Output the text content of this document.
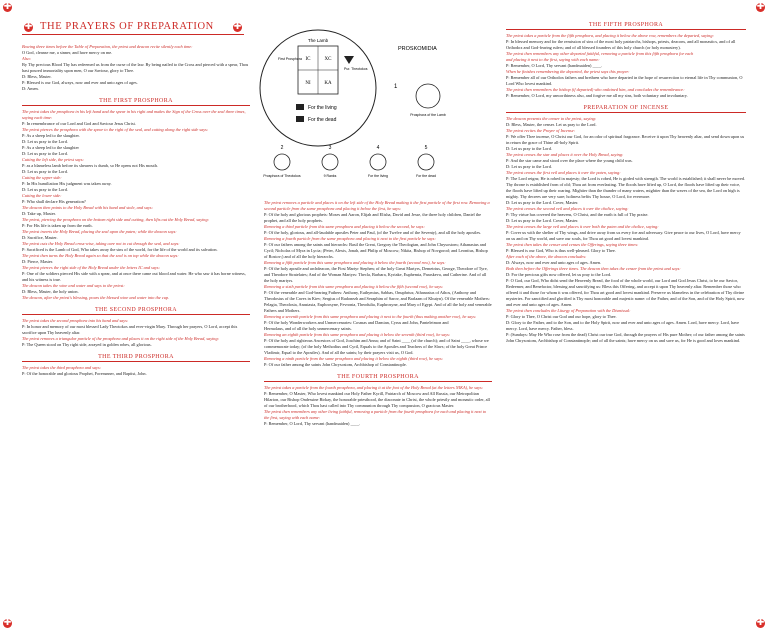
✚	✚
✚	✚
✚ THE PRAYERS OF PREPARATION ✚

Bowing three times before the Table of Preparation, the priest and deacon recite silently each time:

O God, cleanse me, a sinner, and have mercy on me.

Also:

By Thy precious Blood Thy has redeemed us from the curse of the law. By being nailed to the Cross and pierced with a spear, Thou hast poured immortality upon men, O our Saviour, glory to Thee.

D: Bless, Master.

P: Blessed is our God, always, now and ever and unto ages of ages.

D: Amen.

THE FIRST PROSPHORA

The priest takes the prosphora in his left hand and the spear in his right and makes the Sign of the Cross over the seal three times, saying each time:

P: In remembrance of our Lord and God and Saviour Jesus Christ.

The priest pierces the prosphora with the spear to the right of the seal, and cutting along the right side says:

P: As a sheep led to the slaughter.

D: Let us pray to the Lord.

P: As a sheep led to the slaughter

D: Let us pray to the Lord.

Cutting the left side, the priest says:

P: as a blameless lamb before its shearers is dumb, so He opens not His mouth.

D: Let us pray to the Lord.

Cutting the upper side:

P: In His humiliation His judgment was taken away.

D: Let us pray to the Lord.

Cutting the lower side:

P: Who shall declare His generation?

The deacon then points to the Holy Bread with his hand and stole, and says:

D: Take up, Master.

The priest, piercing the prosphora on the bottom right side and cutting, then lifts out the Holy Bread, saying:

P: For His life is taken up from the earth.

The priest inverts the Holy Bread, placing the seal upon the paten; while the deacon says:

D: Sacrifice, Master.

The priest cuts the Holy Bread cross-wise, taking care not to cut through the seal, and says:

P: Sacrificed is the Lamb of God, Who takes away the sins of the world, for the life of the world and its salvation.

The priest then turns the Holy Bread again so that the seal is on top while the deacon says:

D: Pierce, Master.

The priest pierces the right side of the Holy Bread under the letters IC and says:

P: One of the soldiers pierced His side with a spear, and at once there came out blood and water. He who saw it has borne witness, and his witness is true.

The deacon takes the wine and water and says to the priest:

D: Bless, Master, the holy union.

The deacon, after the priest's blessing, pours the blessed wine and water into the cup.

THE SECOND PROSPHORA

The priest takes the second prosphora into his hand and says:

P: In honor and memory of our most blessed Lady Theotokos and ever-virgin Mary. Through her prayers, O Lord, accept this sacrifice upon Thy heavenly altar.

The priest removes a triangular particle of the prosphora and places it on the right side of the Holy Bread, saying:

P: The Queen stood on Thy right side, arrayed in golden robes, all glorious.

THE THIRD PROSPHORA

The priest takes the third prosphora and says:

P: Of the honorable and glorious Prophet, Forerunner, and Baptist, John.

The Lamb
IC	XC
NI	KA
First Prosphora
Pur. Theotokos
For the living
For the dead
PROSKOMIDIA
Prosphora of the Lamb
1
2
Prosphora of Theotokos
3
9 Ranks
4
For the living
5
For the dead

The priest removes a particle and places it on the left side of the Holy Bread making it the first particle of the first row. Removing a second particle from the same prosphora and placing it below the first, he says:

P: Of the holy and glorious prophets: Moses and Aaron, Elijah and Elisha, David and Jesse, the three holy children, Daniel the prophet, and all the holy prophets.

Removing a third particle from this same prosphora and placing it below the second, he says:

P: Of the holy, glorious, and all-laudable apostles Peter and Paul, (of the Twelve and of the Seventy), and all the holy apostles.

Removing a fourth particle from the same prosphora and placing it next to the first particle he says:

P: Of our fathers among the saints and hierarchs: Basil the Great, Gregory the Theologian, and John Chrysostom; Athanasius and Cyril; Nicholas of Myra in Lycia; (Peter, Alexis, Jonah, and Philip of Moscow; Nikita, Bishop of Novgorod; and Leontius, Bishop of Rostov;) and of all the holy hierarchs.

Removing a fifth particle from this same prosphora and placing it below the fourth (second row), he says:

P: Of the holy apostle and archdeacon, the First Martyr Stephen; of the holy Great Martyrs, Demetrius, George, Theodore of Tyre, and Theodore Stratelates; And of the Woman Martyrs: Thecla, Barbara, Kyriake, Euphemia, Paraskeva, and Catherine. And of all the holy martyrs.

Removing a sixth particle from this same prosphora and placing it below the fifth (second row), he says:

P: Of the venerable and God-bearing Fathers: Anthony, Euthymius, Sabbas, Onuphrius; Athanasius of Athos, (Anthony and Theodosius of the Caves in Kiev; Sergius of Radonezh and Seraphim of Sarov, and Barlaam of Khutyn). Of the venerable Mothers: Pelagia, Theodosia, Anastasia, Euphrosyne, Fevronia, Theodulia, Euphrosyne, and Mary of Egypt. And of all the holy and venerable Fathers and Mothers.

Removing a seventh particle from this same prosphora and placing it next to the fourth (thus making another row), he says:

P: Of the holy Wonderworkers and Unmercenaries: Cosmas and Damian, Cyrus and John, Panteleimon and

Hermolaus, and of all the holy unmercenary saints.

Removing an eighth particle from this same prosphora and placing it below the seventh (third row), he says:

P: Of the holy and righteous Ancestors of God, Joachim and Anna; and of Saint ____ (of the church); and of Saint ____, whose we commemorate today; (of the holy Methodius and Cyril, Equals to the Apostles and Teachers of the Slavs; of the holy Great Prince Vladimir, Equal to the Apostles). And of all the saints; by their prayers visit us, O God.

Removing a ninth particle from the same prosphora and placing it below the eighth (third row), he says:

P: Of our father among the saints John Chrysostom, Archbishop of Constantinople.

THE FOURTH PROSPHORA

The priest takes a particle from the fourth prosphora, and placing it at the foot of the Holy Bread (at the letters NIKA), he says:

P: Remember, O Master, Who lovest mankind our Holy Father Kyrill, Patriarch of Moscow and All Russia, our Metropolitan Hilarion, our Bishop Ondessine Birkay, the honorable priesthood, the diaconate in Christ, the whole priestly and monastic order, all of our brotherhood, which Thou hast called into Thy communion through Thy compassion, O gracious Master.

The priest then remembers any other living faithful, removing a particle from the fourth prosphora for each and placing it next to the first, saying with each name:

P: Remember, O Lord, Thy servant (handmaiden) ____.

THE FIFTH PROSPHORA

The priest takes a particle from the fifth prosphora, and placing it below the above row, remembers the departed, saying:

P: In blessed memory and for the remission of sins of the most holy patriarchs, bishops, priests, deacons, and all monastics, and of all Orthodox and God-fearing rulers; and of all blessed founders of this holy church (or holy monastery).

The priest then remembers any other departed faithful, removing a particle from this fifth prosphora for each

and placing it next to the first, saying with each name:

P: Remember, O Lord, Thy servant (handmaiden) ____.

When he finishes remembering the departed, the priest says this prayer:

P: Remember all of our Orthodox fathers and brethren who have departed in the hope of resurrection to eternal life in Thy communion, O Lord Who lovest mankind.

The priest then remembers the bishop (if departed) who ordained him, and concludes the remembrance:

P: Remember, O Lord, my unworthiness also, and forgive me all my sins, both voluntary and involuntary.

PREPARATION OF INCENSE

The deacon presents the censer to the priest, saying:

D: Bless, Master, the censer. Let us pray to the Lord.

The priest recites the Prayer of Incense:

P: We offer Thee incense, O Christ our God, for an odor of spiritual fragrance. Receive it upon Thy heavenly altar, and send down upon us in return the grace of Thine all-holy Spirit.

D: Let us pray to the Lord.

The priest censes the star and places it over the Holy Bread, saying:

P: And the star came and stood over the place where the young child was.

D: Let us pray to the Lord.

The priest censes the first veil and places it over the paten, saying:

P: The Lord reigns; He is robed in majesty; the Lord is robed, He is girded with strength. The world is established; it shall never be moved. Thy throne is established from of old; Thou art from everlasting. The floods have lifted up, O Lord, the floods have lifted up their voice, the floods have lifted up their roaring. Mightier than the thunder of many waters, mightier than the waves of the sea, the Lord on high is mighty. Thy decrees are very sure; holiness befits Thy house, O Lord, for evermore.

D: Let us pray to the Lord. Cover, Master.

The priest censes the second veil and places it over the chalice, saying:

P: Thy virtue has covered the heavens, O Christ, and the earth is full of Thy praise.

D: Let us pray to the Lord. Cover, Master.

The priest censes the large veil and places it over both the paten and the chalice, saying:

P: Cover us with the shelter of Thy wings, and drive away from us every foe and adversary. Give peace to our lives, O Lord, have mercy on us and on Thy world, and save our souls, for Thou art good and lovest mankind.

The priest then takes the censer and censes the Offerings, saying three times:

P: Blessed is our God, Who is thus well-pleased. Glory to Thee.

After each of the above, the deacon concludes:

D: Always, now and ever and unto ages of ages. Amen.

Both then before the Offerings three times. The deacon then takes the censer from the priest and says:

D: For the precious gifts now offered, let us pray to the Lord.

P: O God, our God, Who didst send the Heavenly Bread, the food of the whole world, our Lord and God Jesus Christ, to be our Savior, Redeemer, and Benefactor, blessing and sanctifying us: Bless this Offering, and accept it upon Thy heavenly altar. Remember those who offered it and those for whom it was offered, for Thou art good and lovest mankind. Preserve us blameless in the celebration of Thy divine mysteries. For sanctified and glorified is Thy most honorable and majestic name: of the Father, and of the Son, and of the Holy Spirit, now and ever and unto ages of ages. Amen.

The priest then concludes the Liturgy of Preparation with the Dismissal:

P: Glory to Thee, O Christ our God and our hope, glory to Thee.

D: Glory to the Father, and to the Son, and to the Holy Spirit, now and ever and unto ages of ages. Amen. Lord, have mercy. Lord, have mercy. Lord, have mercy. Father, bless.

P: (Sundays: May He Who rose from the dead) Christ our true God, through the prayers of His pure Mother; of our father among the saints John Chrysostom, Archbishop of Constantinople; and of all the saints; have mercy on us and save us, for He is good and loves mankind.
